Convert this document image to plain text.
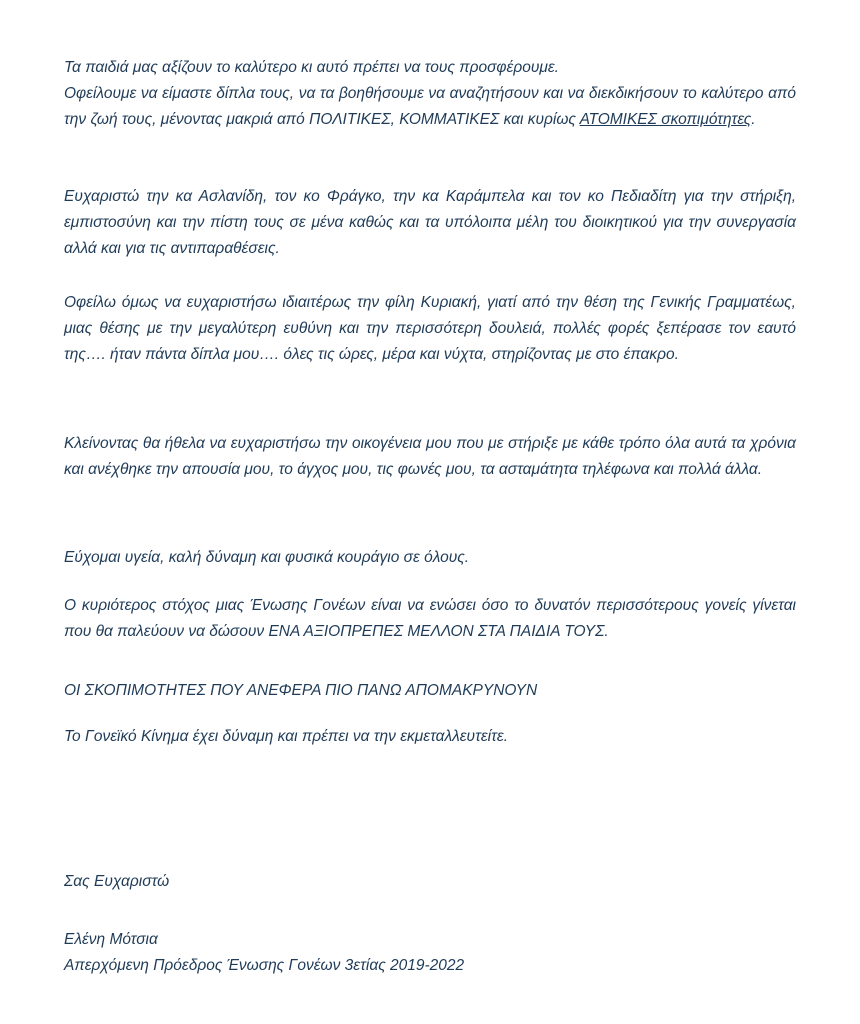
Τα παιδιά μας αξίζουν το καλύτερο κι αυτό πρέπει να τους προσφέρουμε.

Οφείλουμε να είμαστε δίπλα τους, να τα βοηθήσουμε να αναζητήσουν και να διεκδικήσουν το καλύτερο από την ζωή τους, μένοντας μακριά από ΠΟΛΙΤΙΚΕΣ, ΚΟΜΜΑΤΙΚΕΣ και κυρίως ΑΤΟΜΙΚΕΣ σκοπιμότητες.

Ευχαριστώ την κα Ασλανίδη, τον κο Φράγκο, την κα Καράμπελα και τον κο Πεδιαδίτη για την στήριξη, εμπιστοσύνη και την πίστη τους σε μένα καθώς και τα υπόλοιπα μέλη του διοικητικού για την συνεργασία αλλά και για τις αντιπαραθέσεις.
Οφείλω όμως να ευχαριστήσω ιδιαιτέρως την φίλη Κυριακή, γιατί από την θέση της Γενικής Γραμματέως, μιας θέσης με την μεγαλύτερη ευθύνη και την περισσότερη δουλειά, πολλές φορές ξεπέρασε τον εαυτό της…. ήταν πάντα δίπλα μου…. όλες τις ώρες, μέρα και νύχτα, στηρίζοντας με στο έπακρο.
Κλείνοντας θα ήθελα να ευχαριστήσω την οικογένεια μου που με στήριξε με κάθε τρόπο όλα αυτά τα χρόνια και ανέχθηκε την απουσία μου, το άγχος μου, τις φωνές μου, τα ασταμάτητα τηλέφωνα και πολλά άλλα.
Εύχομαι υγεία, καλή δύναμη και φυσικά κουράγιο σε όλους.
Ο κυριότερος στόχος μιας Ένωσης Γονέων είναι να ενώσει όσο το δυνατόν περισσότερους γονείς γίνεται που θα παλεύουν να δώσουν ΕΝΑ ΑΞΙΟΠΡΕΠΕΣ ΜΕΛΛΟΝ ΣΤΑ ΠΑΙΔΙΑ ΤΟΥΣ.
ΟΙ ΣΚΟΠΙΜΟΤΗΤΕΣ ΠΟΥ ΑΝΕΦΕΡΑ ΠΙΟ ΠΑΝΩ ΑΠΟΜΑΚΡΥΝΟΥΝ
Το Γονεϊκό Κίνημα έχει δύναμη και πρέπει να την εκμεταλλευτείτε.
Σας Ευχαριστώ

Ελένη Μότσια

Απερχόμενη Πρόεδρος Ένωσης Γονέων 3ετίας 2019-2022
